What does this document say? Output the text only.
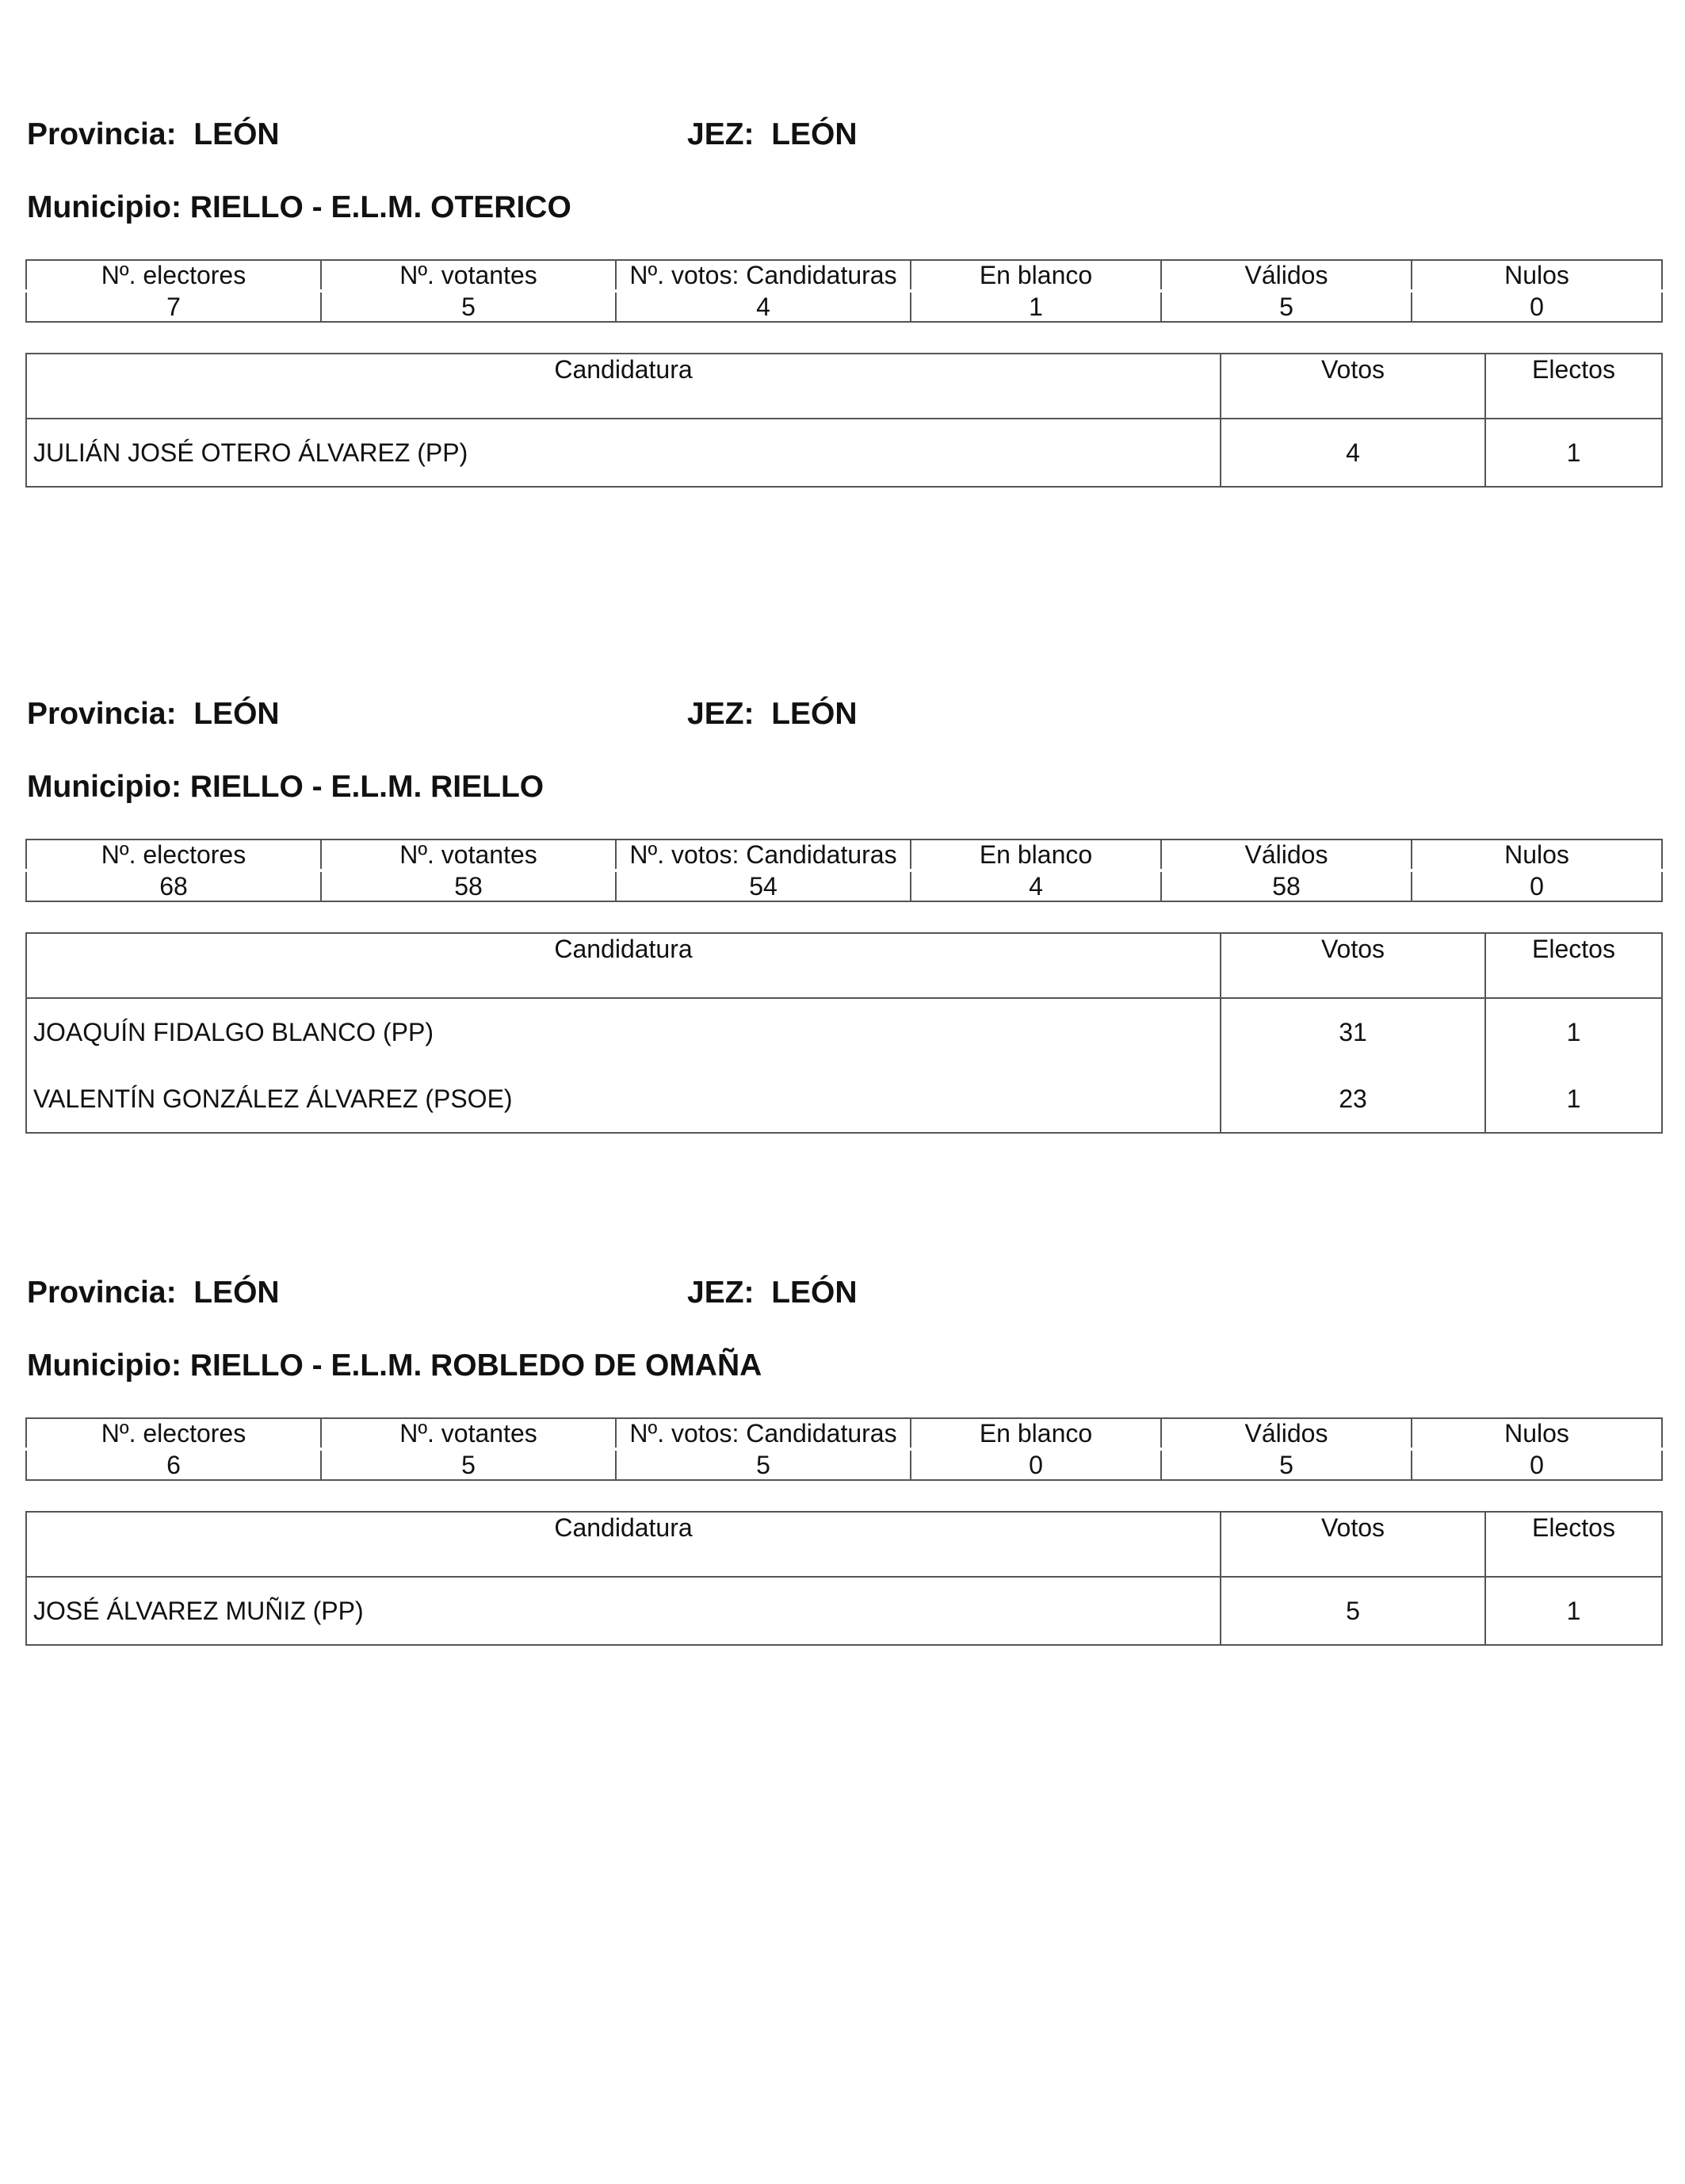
Provincia: LEÓN	JEZ: LEÓN
Municipio: RIELLO - E.L.M. OTERICO
Nº. electores	Nº. votantes	Nº. votos: Candidaturas	En blanco	Válidos	Nulos
7	5	4	1	5	0
Candidatura	Votos	Electos
JULIÁN JOSÉ OTERO ÁLVAREZ (PP)	4	1
Provincia: LEÓN	JEZ: LEÓN
Municipio: RIELLO - E.L.M. RIELLO
Nº. electores	Nº. votantes	Nº. votos: Candidaturas	En blanco	Válidos	Nulos
68	58	54	4	58	0
Candidatura	Votos	Electos
JOAQUÍN FIDALGO BLANCO (PP)	31	1
VALENTÍN GONZÁLEZ ÁLVAREZ (PSOE)	23	1
Provincia: LEÓN	JEZ: LEÓN
Municipio: RIELLO - E.L.M. ROBLEDO DE OMAÑA
Nº. electores	Nº. votantes	Nº. votos: Candidaturas	En blanco	Válidos	Nulos
6	5	5	0	5	0
Candidatura	Votos	Electos
JOSÉ ÁLVAREZ MUÑIZ (PP)	5	1
